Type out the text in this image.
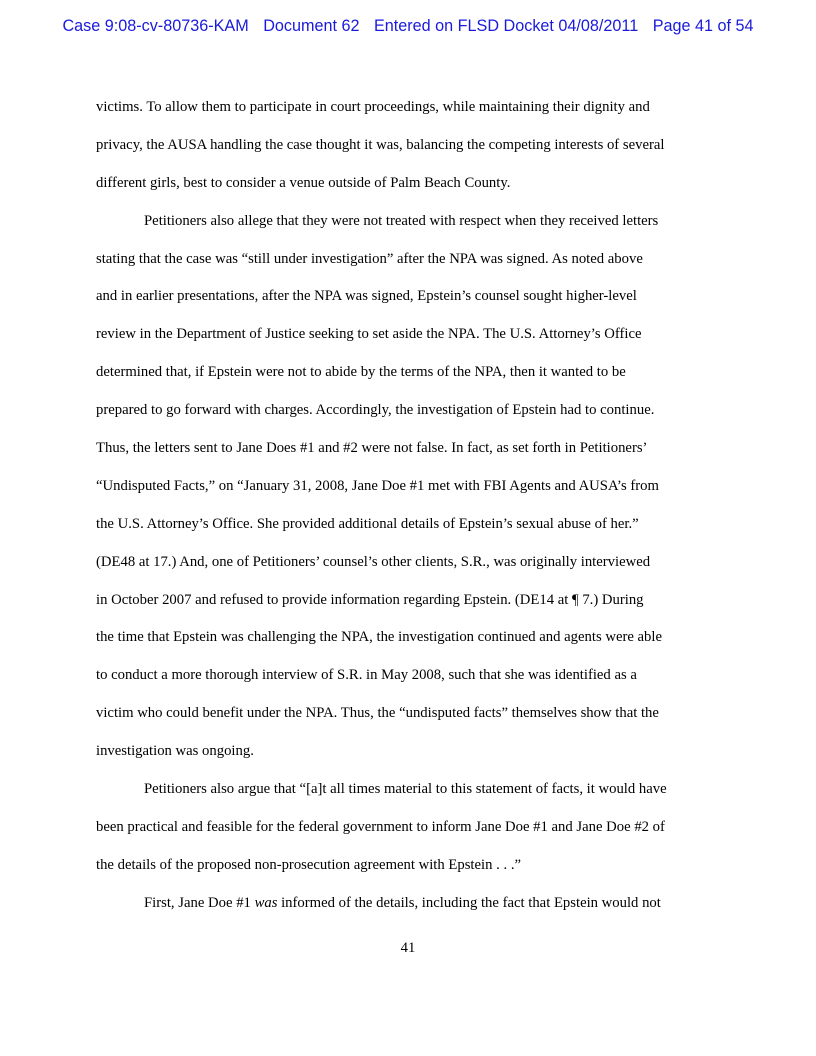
Case 9:08-cv-80736-KAM Document 62 Entered on FLSD Docket 04/08/2011 Page 41 of 54
victims. To allow them to participate in court proceedings, while maintaining their dignity and
privacy, the AUSA handling the case thought it was, balancing the competing interests of several
different girls, best to consider a venue outside of Palm Beach County.
Petitioners also allege that they were not treated with respect when they received letters
stating that the case was “still under investigation” after the NPA was signed. As noted above
and in earlier presentations, after the NPA was signed, Epstein’s counsel sought higher-level
review in the Department of Justice seeking to set aside the NPA. The U.S. Attorney’s Office
determined that, if Epstein were not to abide by the terms of the NPA, then it wanted to be
prepared to go forward with charges. Accordingly, the investigation of Epstein had to continue.
Thus, the letters sent to Jane Does #1 and #2 were not false. In fact, as set forth in Petitioners’
“Undisputed Facts,” on “January 31, 2008, Jane Doe #1 met with FBI Agents and AUSA’s from
the U.S. Attorney’s Office. She provided additional details of Epstein’s sexual abuse of her.”
(DE48 at 17.) And, one of Petitioners’ counsel’s other clients, S.R., was originally interviewed
in October 2007 and refused to provide information regarding Epstein. (DE14 at ¶ 7.) During
the time that Epstein was challenging the NPA, the investigation continued and agents were able
to conduct a more thorough interview of S.R. in May 2008, such that she was identified as a
victim who could benefit under the NPA. Thus, the “undisputed facts” themselves show that the
investigation was ongoing.
Petitioners also argue that “[a]t all times material to this statement of facts, it would have
been practical and feasible for the federal government to inform Jane Doe #1 and Jane Doe #2 of
the details of the proposed non-prosecution agreement with Epstein . . .”
First, Jane Doe #1 was informed of the details, including the fact that Epstein would not
41
